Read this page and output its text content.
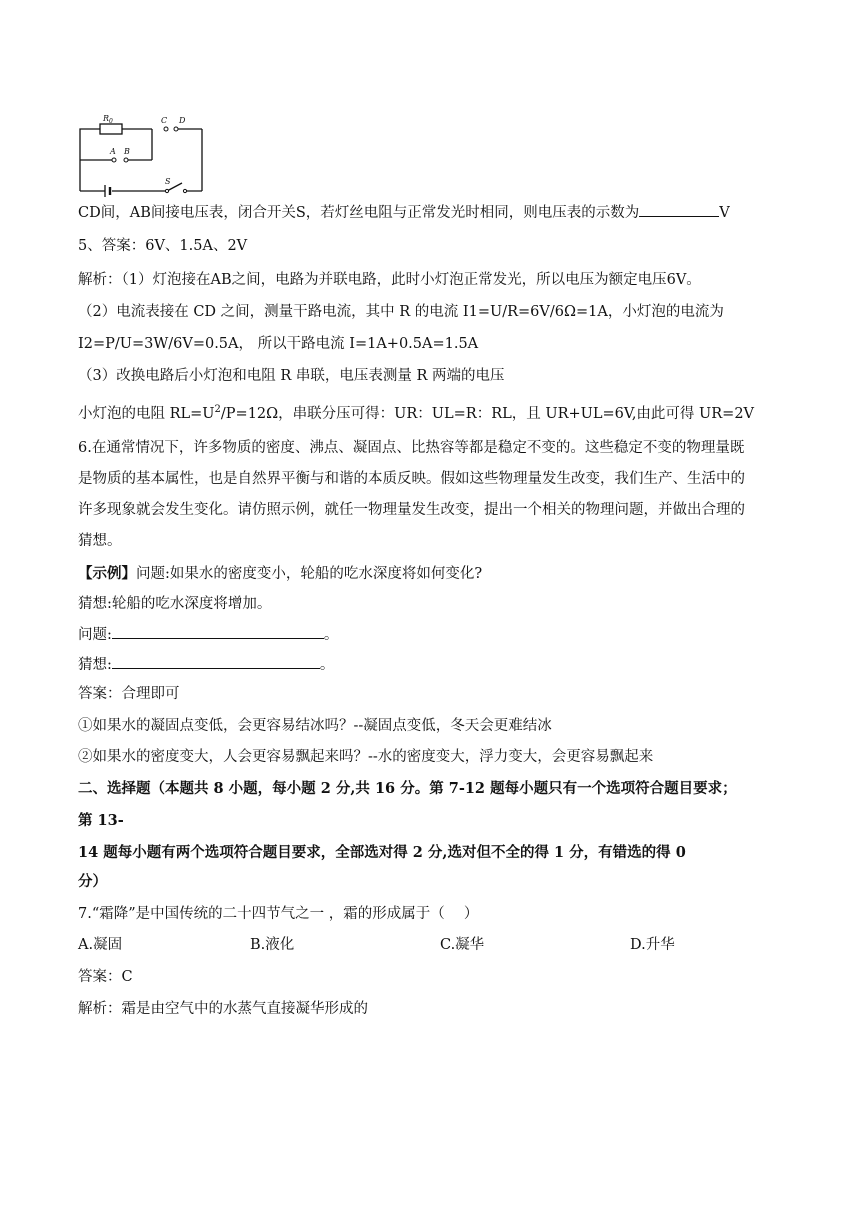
$R_0$	C D
A B
S
CD间，AB间接电压表，闭合开关S，若灯丝电阻与正常发光时相同，则电压表的示数为	V
5、答案：6V、1.5A、2V
解析：（1）灯泡接在AB之间，电路为并联电路，此时小灯泡正常发光，所以电压为额定电压6V。
（2）电流表接在 CD 之间，测量干路电流，其中 R 的电流 I1=U/R=6V/6Ω=1A，小灯泡的电流为
I2=P/U=3W/6V=0.5A， 所以干路电流 I=1A+0.5A=1.5A
（3）改换电路后小灯泡和电阻 R 串联，电压表测量 R 两端的电压
小灯泡的电阻 $RL=U^2/P=12\Omega$，串联分压可得：UR：UL=R：RL，且 UR+UL=6V,由此可得 UR=2V
6.在通常情况下，许多物质的密度、沸点、凝固点、比热容等都是稳定不变的。这些稳定不变的物理量既
是物质的基本属性，也是自然界平衡与和谐的本质反映。假如这些物理量发生改变，我们生产、生活中的
许多现象就会发生变化。请仿照示例，就任一物理量发生改变，提出一个相关的物理问题，并做出合理的
猜想。
【示例】问题:如果水的密度变小，轮船的吃水深度将如何变化?
猜想:轮船的吃水深度将增加。
问题:	。
猜想:	。
答案：合理即可
①如果水的凝固点变低，会更容易结冰吗？--凝固点变低，冬天会更难结冰
②如果水的密度变大，人会更容易飘起来吗？--水的密度变大，浮力变大，会更容易飘起来
二、选择题（本题共 8 小题，每小题 2 分,共 16 分。第 7-12 题每小题只有一个选项符合题目要求；
第 13-
14 题每小题有两个选项符合题目要求，全部选对得 2 分,选对但不全的得 1 分，有错选的得 0
分）
7.“霜降”是中国传统的二十四节气之一 ，霜的形成属于（　 ）
A.凝固	B.液化	C.凝华	D.升华
答案：C
解析：霜是由空气中的水蒸气直接凝华形成的
